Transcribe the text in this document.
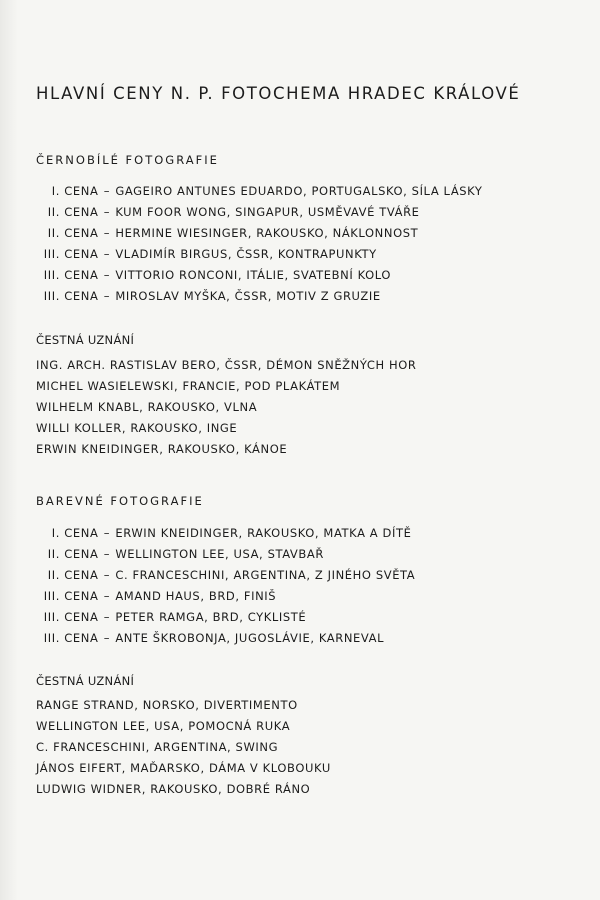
HLAVNÍ CENY N. P. FOTOCHEMA HRADEC KRÁLOVÉ
ČERNOBÍLÉ FOTOGRAFIE
I. CENA – GAGEIRO ANTUNES EDUARDO, PORTUGALSKO, SÍLA LÁSKY
II. CENA – KUM FOOR WONG, SINGAPUR, USMĚVAVÉ TVÁŘE
II. CENA – HERMINE WIESINGER, RAKOUSKO, NÁKLONNOST
III. CENA – VLADIMÍR BIRGUS, ČSSR, KONTRAPUNKTY
III. CENA – VITTORIO RONCONI, ITÁLIE, SVATEBNÍ KOLO
III. CENA – MIROSLAV MYŠKA, ČSSR, MOTIV Z GRUZIE
ČESTNÁ UZNÁNÍ
ING. ARCH. RASTISLAV BERO, ČSSR, DÉMON SNĚŽNÝCH HOR
MICHEL WASIELEWSKI, FRANCIE, POD PLAKÁTEM
WILHELM KNABL, RAKOUSKO, VLNA
WILLI KOLLER, RAKOUSKO, INGE
ERWIN KNEIDINGER, RAKOUSKO, KÁNOE
BAREVNÉ FOTOGRAFIE
I. CENA – ERWIN KNEIDINGER, RAKOUSKO, MATKA A DÍTĚ
II. CENA – WELLINGTON LEE, USA, STAVBAŘ
II. CENA – C. FRANCESCHINI, ARGENTINA, Z JINÉHO SVĚTA
III. CENA – AMAND HAUS, BRD, FINIŠ
III. CENA – PETER RAMGA, BRD, CYKLISTÉ
III. CENA – ANTE ŠKROBONJA, JUGOSLÁVIE, KARNEVAL
ČESTNÁ UZNÁNÍ
RANGE STRAND, NORSKO, DIVERTIMENTO
WELLINGTON LEE, USA, POMOCNÁ RUKA
C. FRANCESCHINI, ARGENTINA, SWING
JÁNOS EIFERT, MAĎARSKO, DÁMA V KLOBOUKU
LUDWIG WIDNER, RAKOUSKO, DOBRÉ RÁNO
